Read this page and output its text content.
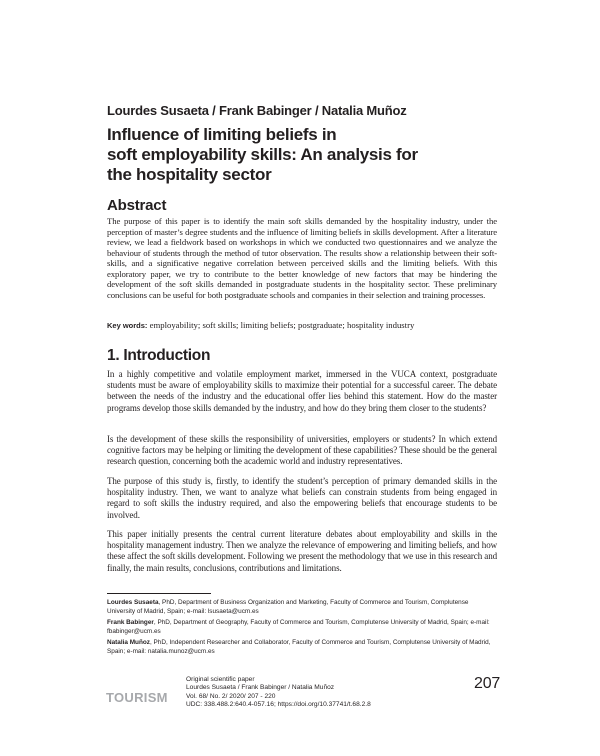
Lourdes Susaeta / Frank Babinger / Natalia Muñoz
Influence of limiting beliefs in
soft employability skills: An analysis for
the hospitality sector
Abstract

The purpose of this paper is to identify the main soft skills demanded by the hospitality industry, under the perception of master’s degree students and the influence of limiting beliefs in skills development. After a literature review, we lead a fieldwork based on workshops in which we conducted two questionnaires and we analyze the behaviour of students through the method of tutor observation. The results show a relationship between their soft-skills, and a significative negative correlation between perceived skills and the limiting beliefs. With this exploratory paper, we try to contribute to the better knowledge of new factors that may be hindering the development of the soft skills demanded in postgraduate students in the hospitality sector. These preliminary conclusions can be useful for both postgraduate schools and companies in their selection and training processes.

Key words: employability; soft skills; limiting beliefs; postgraduate; hospitality industry

1. Introduction

In a highly competitive and volatile employment market, immersed in the VUCA context, postgraduate students must be aware of employability skills to maximize their potential for a successful career. The debate between the needs of the industry and the educational offer lies behind this statement. How do the master programs develop those skills demanded by the industry, and how do they bring them closer to the students?

Is the development of these skills the responsibility of universities, employers or students? In which extend cognitive factors may be helping or limiting the development of these capabilities? These should be the general research question, concerning both the academic world and industry representatives.

The purpose of this study is, firstly, to identify the student’s perception of primary demanded skills in the hospitality industry. Then, we want to analyze what beliefs can constrain students from being engaged in regard to soft skills the industry required, and also the empowering beliefs that encourage students to be involved.

This paper initially presents the central current literature debates about employability and skills in the hospitality management industry. Then we analyze the relevance of empowering and limiting beliefs, and how these affect the soft skills development. Following we present the methodology that we use in this research and finally, the main results, conclusions, contributions and limitations.

Lourdes Susaeta, PhD, Department of Business Organization and Marketing, Faculty of Commerce and Tourism, Complutense University of Madrid, Spain; e-mail: lsusaeta@ucm.es

Frank Babinger, PhD, Department of Geography, Faculty of Commerce and Tourism, Complutense University of Madrid, Spain; e-mail: fbabinger@ucm.es

Natalia Muñoz, PhD, Independent Researcher and Collaborator, Faculty of Commerce and Tourism, Complutense University of Madrid, Spain; e-mail: natalia.munoz@ucm.es

TOURISM
Original scientific paper
Lourdes Susaeta / Frank Babinger / Natalia Muñoz
Vol. 68/ No. 2/ 2020/ 207 - 220
UDC: 338.488.2:640.4-057.16; https://doi.org/10.37741/t.68.2.8
207
